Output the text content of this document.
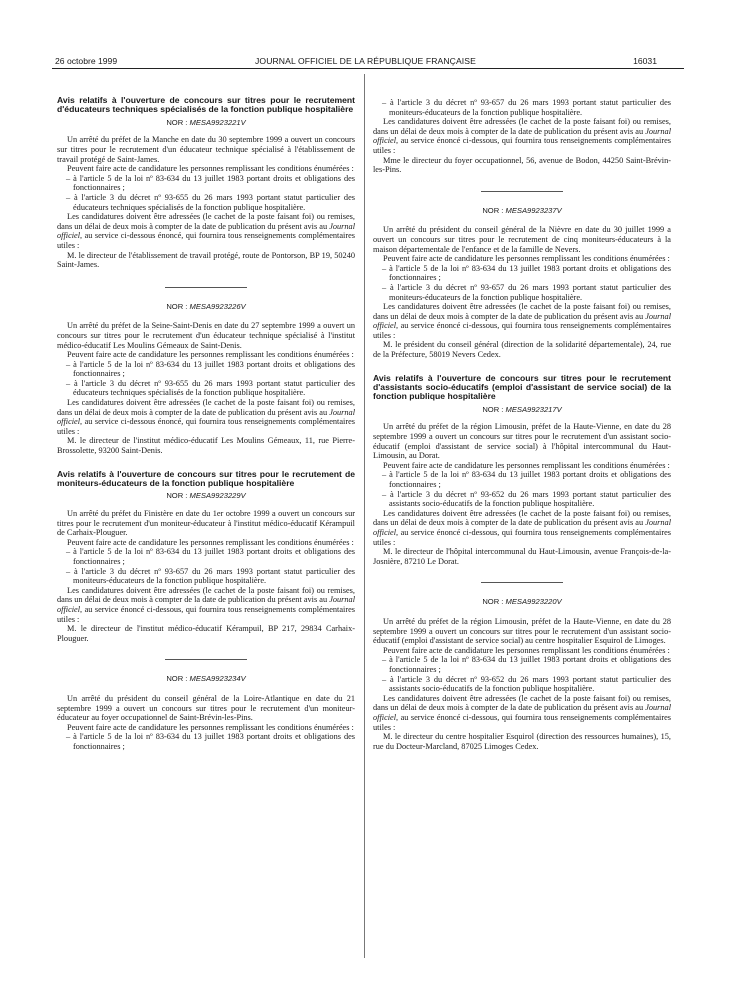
26 octobre 1999	JOURNAL OFFICIEL DE LA RÉPUBLIQUE FRANÇAISE	16031

Avis relatifs à l'ouverture de concours sur titres pour le recrutement d'éducateurs techniques spécialisés de la fonction publique hospitalière

NOR : MESA9923221V

Un arrêté du préfet de la Manche en date du 30 septembre 1999 a ouvert un concours sur titres pour le recrutement d'un éducateur technique spécialisé à l'établissement de travail protégé de Saint-James.

Peuvent faire acte de candidature les personnes remplissant les conditions énumérées :

– à l'article 5 de la loi nº 83-634 du 13 juillet 1983 portant droits et obligations des fonctionnaires ;

– à l'article 3 du décret nº 93-655 du 26 mars 1993 portant statut particulier des éducateurs techniques spécialisés de la fonction publique hospitalière.

Les candidatures doivent être adressées (le cachet de la poste faisant foi) ou remises, dans un délai de deux mois à compter de la date de publication du présent avis au Journal officiel, au service ci-dessous énoncé, qui fournira tous renseignements complémentaires utiles :

M. le directeur de l'établissement de travail protégé, route de Pontorson, BP 19, 50240 Saint-James.

NOR : MESA9923226V

Un arrêté du préfet de la Seine-Saint-Denis en date du 27 septembre 1999 a ouvert un concours sur titres pour le recrutement d'un éducateur technique spécialisé à l'institut médico-éducatif Les Moulins Gémeaux de Saint-Denis.

Peuvent faire acte de candidature les personnes remplissant les conditions énumérées :

– à l'article 5 de la loi nº 83-634 du 13 juillet 1983 portant droits et obligations des fonctionnaires ;

– à l'article 3 du décret nº 93-655 du 26 mars 1993 portant statut particulier des éducateurs techniques spécialisés de la fonction publique hospitalière.

Les candidatures doivent être adressées (le cachet de la poste faisant foi) ou remises, dans un délai de deux mois à compter de la date de publication du présent avis au Journal officiel, au service ci-dessous énoncé, qui fournira tous renseignements complémentaires utiles :

M. le directeur de l'institut médico-éducatif Les Moulins Gémeaux, 11, rue Pierre-Brossolette, 93200 Saint-Denis.

Avis relatifs à l'ouverture de concours sur titres pour le recrutement de moniteurs-éducateurs de la fonction publique hospitalière

NOR : MESA9923229V

Un arrêté du préfet du Finistère en date du 1er octobre 1999 a ouvert un concours sur titres pour le recrutement d'un moniteur-éducateur à l'institut médico-éducatif Kérampuil de Carhaix-Plouguer.

Peuvent faire acte de candidature les personnes remplissant les conditions énumérées :

– à l'article 5 de la loi nº 83-634 du 13 juillet 1983 portant droits et obligations des fonctionnaires ;

– à l'article 3 du décret nº 93-657 du 26 mars 1993 portant statut particulier des moniteurs-éducateurs de la fonction publique hospitalière.

Les candidatures doivent être adressées (le cachet de la poste faisant foi) ou remises, dans un délai de deux mois à compter de la date de publication du présent avis au Journal officiel, au service énoncé ci-dessous, qui fournira tous renseignements complémentaires utiles :

M. le directeur de l'institut médico-éducatif Kérampuil, BP 217, 29834 Carhaix-Plouguer.

NOR : MESA9923234V

Un arrêté du président du conseil général de la Loire-Atlantique en date du 21 septembre 1999 a ouvert un concours sur titres pour le recrutement d'un moniteur-éducateur au foyer occupationnel de Saint-Brévin-les-Pins.

Peuvent faire acte de candidature les personnes remplissant les conditions énumérées :

– à l'article 5 de la loi nº 83-634 du 13 juillet 1983 portant droits et obligations des fonctionnaires ;

– à l'article 3 du décret nº 93-657 du 26 mars 1993 portant statut particulier des moniteurs-éducateurs de la fonction publique hospitalière.

Les candidatures doivent être adressées (le cachet de la poste faisant foi) ou remises, dans un délai de deux mois à compter de la date de publication du présent avis au Journal officiel, au service énoncé ci-dessous, qui fournira tous renseignements complémentaires utiles :

Mme le directeur du foyer occupationnel, 56, avenue de Bodon, 44250 Saint-Brévin-les-Pins.

NOR : MESA9923237V

Un arrêté du président du conseil général de la Nièvre en date du 30 juillet 1999 a ouvert un concours sur titres pour le recrutement de cinq moniteurs-éducateurs à la maison départementale de l'enfance et de la famille de Nevers.

Peuvent faire acte de candidature les personnes remplissant les conditions énumérées :

– à l'article 5 de la loi nº 83-634 du 13 juillet 1983 portant droits et obligations des fonctionnaires ;

– à l'article 3 du décret nº 93-657 du 26 mars 1993 portant statut particulier des moniteurs-éducateurs de la fonction publique hospitalière.

Les candidatures doivent être adressées (le cachet de la poste faisant foi) ou remises, dans un délai de deux mois à compter de la date de publication du présent avis au Journal officiel, au service énoncé ci-dessous, qui fournira tous renseignements complémentaires utiles :

M. le président du conseil général (direction de la solidarité départementale), 24, rue de la Préfecture, 58019 Nevers Cedex.

Avis relatifs à l'ouverture de concours sur titres pour le recrutement d'assistants socio-éducatifs (emploi d'assistant de service social) de la fonction publique hospitalière

NOR : MESA9923217V

Un arrêté du préfet de la région Limousin, préfet de la Haute-Vienne, en date du 28 septembre 1999 a ouvert un concours sur titres pour le recrutement d'un assistant socio-éducatif (emploi d'assistant de service social) à l'hôpital intercommunal du Haut-Limousin, au Dorat.

Peuvent faire acte de candidature les personnes remplissant les conditions énumérées :

– à l'article 5 de la loi nº 83-634 du 13 juillet 1983 portant droits et obligations des fonctionnaires ;

– à l'article 3 du décret nº 93-652 du 26 mars 1993 portant statut particulier des assistants socio-éducatifs de la fonction publique hospitalière.

Les candidatures doivent être adressées (le cachet de la poste faisant foi) ou remises, dans un délai de deux mois à compter de la date de publication du présent avis au Journal officiel, au service énoncé ci-dessous, qui fournira tous renseignements complémentaires utiles :

M. le directeur de l'hôpital intercommunal du Haut-Limousin, avenue François-de-la-Josnière, 87210 Le Dorat.

NOR : MESA9923220V

Un arrêté du préfet de la région Limousin, préfet de la Haute-Vienne, en date du 28 septembre 1999 a ouvert un concours sur titres pour le recrutement d'un assistant socio-éducatif (emploi d'assistant de service social) au centre hospitalier Esquirol de Limoges.

Peuvent faire acte de candidature les personnes remplissant les conditions énumérées :

– à l'article 5 de la loi nº 83-634 du 13 juillet 1983 portant droits et obligations des fonctionnaires ;

– à l'article 3 du décret nº 93-652 du 26 mars 1993 portant statut particulier des assistants socio-éducatifs de la fonction publique hospitalière.

Les candidatures doivent être adressées (le cachet de la poste faisant foi) ou remises, dans un délai de deux mois à compter de la date de publication du présent avis au Journal officiel, au service énoncé ci-dessous, qui fournira tous renseignements complémentaires utiles :

M. le directeur du centre hospitalier Esquirol (direction des ressources humaines), 15, rue du Docteur-Marcland, 87025 Limoges Cedex.
